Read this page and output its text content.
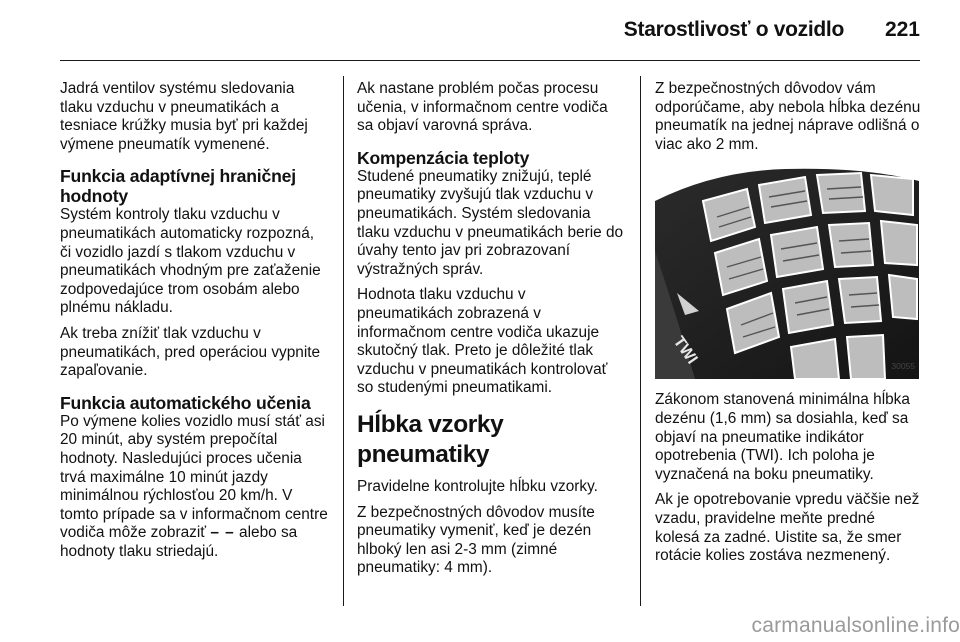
Starostlivosť o vozidlo	221

Jadrá ventilov systému sledovania tlaku vzduchu v pneumatikách a tesniace krúžky musia byť pri každej výmene pneumatík vymenené.

Funkcia adaptívnej hraničnej hodnoty

Systém kontroly tlaku vzduchu v pneumatikách automaticky rozpozná, či vozidlo jazdí s tlakom vzduchu v pneumatikách vhodným pre zaťaženie zodpovedajúce trom osobám alebo plnému nákladu.

Ak treba znížiť tlak vzduchu v pneumatikách, pred operáciou vypnite zapaľovanie.

Funkcia automatického učenia

Po výmene kolies vozidlo musí stáť asi 20 minút, aby systém prepočítal hodnoty. Nasledujúci proces učenia trvá maximálne 10 minút jazdy minimálnou rýchlosťou 20 km/h. V tomto prípade sa v informačnom centre vodiča môže zobraziť – – alebo sa hodnoty tlaku striedajú.

Ak nastane problém počas procesu učenia, v informačnom centre vodiča sa objaví varovná správa.

Kompenzácia teploty

Studené pneumatiky znižujú, teplé pneumatiky zvyšujú tlak vzduchu v pneumatikách. Systém sledovania tlaku vzduchu v pneumatikách berie do úvahy tento jav pri zobrazovaní výstražných správ.

Hodnota tlaku vzduchu v pneumatikách zobrazená v informačnom centre vodiča ukazuje skutočný tlak. Preto je dôležité tlak vzduchu v pneumatikách kontrolovať so studenými pneumatikami.

Hĺbka vzorky pneumatiky

Pravidelne kontrolujte hĺbku vzorky.

Z bezpečnostných dôvodov musíte pneumatiky vymeniť, keď je dezén hlboký len asi 2-3 mm (zimné pneumatiky: 4 mm).

Z bezpečnostných dôvodov vám odporúčame, aby nebola hĺbka dezénu pneumatík na jednej náprave odlišná o viac ako 2 mm.

TWI	30055

Zákonom stanovená minimálna hĺbka dezénu (1,6 mm) sa dosiahla, keď sa objaví na pneumatike indikátor opotrebenia (TWI). Ich poloha je vyznačená na boku pneumatiky.

Ak je opotrebovanie vpredu väčšie než vzadu, pravidelne meňte predné kolesá za zadné. Uistite sa, že smer rotácie kolies zostáva nezmenený.

carmanualsonline.info
